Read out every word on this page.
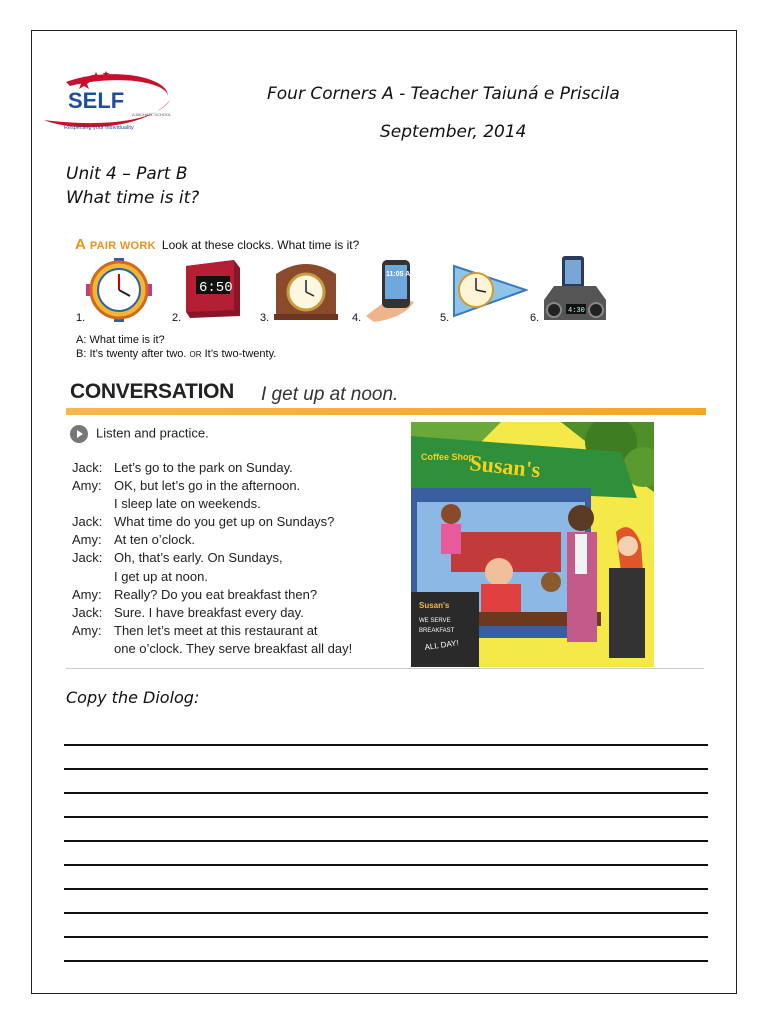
SELF
A MICHAEL SCHOOL
Respecting your individuality
Four Corners A - Teacher Taiuná e Priscila
September, 2014
Unit 4 – Part B
What time is it?
A PAIR WORK Look at these clocks. What time is it?
1.	2.
6:50
3.	4.
11:05 AM
5.	6.
4:30
A: What time is it?
B: It’s twenty after two. OR It’s two-twenty.
CONVERSATION I get up at noon.
Listen and practice.
Jack: Let’s go to the park on Sunday.
Amy: OK, but let’s go in the afternoon.
I sleep late on weekends.
Jack: What time do you get up on Sundays?
Amy: At ten o’clock.
Jack: Oh, that’s early. On Sundays,
I get up at noon.
Amy: Really? Do you eat breakfast then?
Jack: Sure. I have breakfast every day.
Amy: Then let’s meet at this restaurant at
one o’clock. They serve breakfast all day!
Susan's
Coffee Shop
Susan's
WE SERVE
BREAKFAST
ALL DAY!
Copy the Diolog:
